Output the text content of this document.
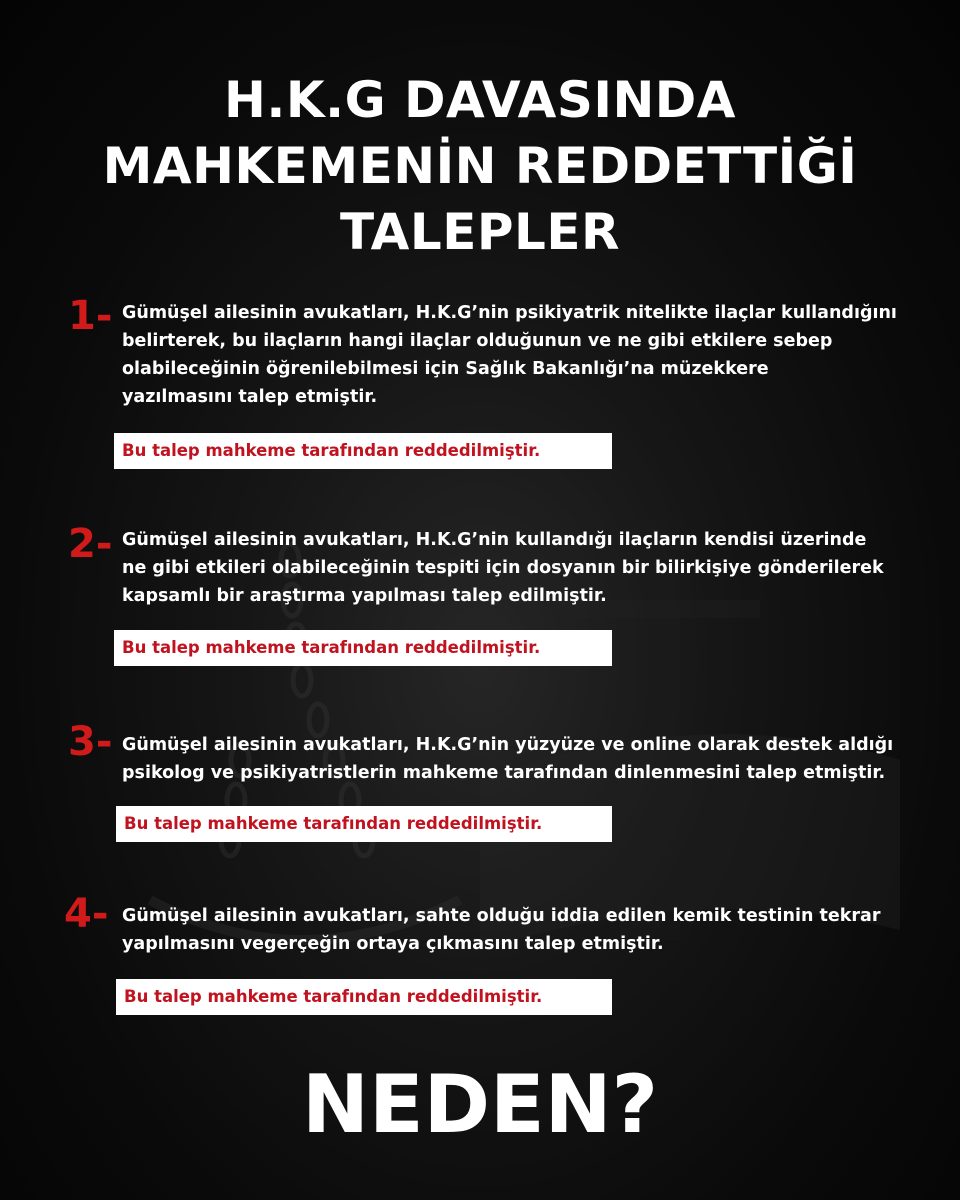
H.K.G DAVASINDA
MAHKEMENİN REDDETTİĞİ
TALEPLER
1- Gümüşel ailesinin avukatları, H.K.G’nin psikiyatrik nitelikte ilaçlar kullandığını
belirterek, bu ilaçların hangi ilaçlar olduğunun ve ne gibi etkilere sebep
olabileceğinin öğrenilebilmesi için Sağlık Bakanlığı’na müzekkere
yazılmasını talep etmiştir.
Bu talep mahkeme tarafından reddedilmiştir.
2- Gümüşel ailesinin avukatları, H.K.G’nin kullandığı ilaçların kendisi üzerinde
ne gibi etkileri olabileceğinin tespiti için dosyanın bir bilirkişiye gönderilerek
kapsamlı bir araştırma yapılması talep edilmiştir.
Bu talep mahkeme tarafından reddedilmiştir.
3- Gümüşel ailesinin avukatları, H.K.G’nin yüzyüze ve online olarak destek aldığı
psikolog ve psikiyatristlerin mahkeme tarafından dinlenmesini talep etmiştir.
Bu talep mahkeme tarafından reddedilmiştir.
4- Gümüşel ailesinin avukatları, sahte olduğu iddia edilen kemik testinin tekrar
yapılmasını vegerçeğin ortaya çıkmasını talep etmiştir.
Bu talep mahkeme tarafından reddedilmiştir.
NEDEN?
